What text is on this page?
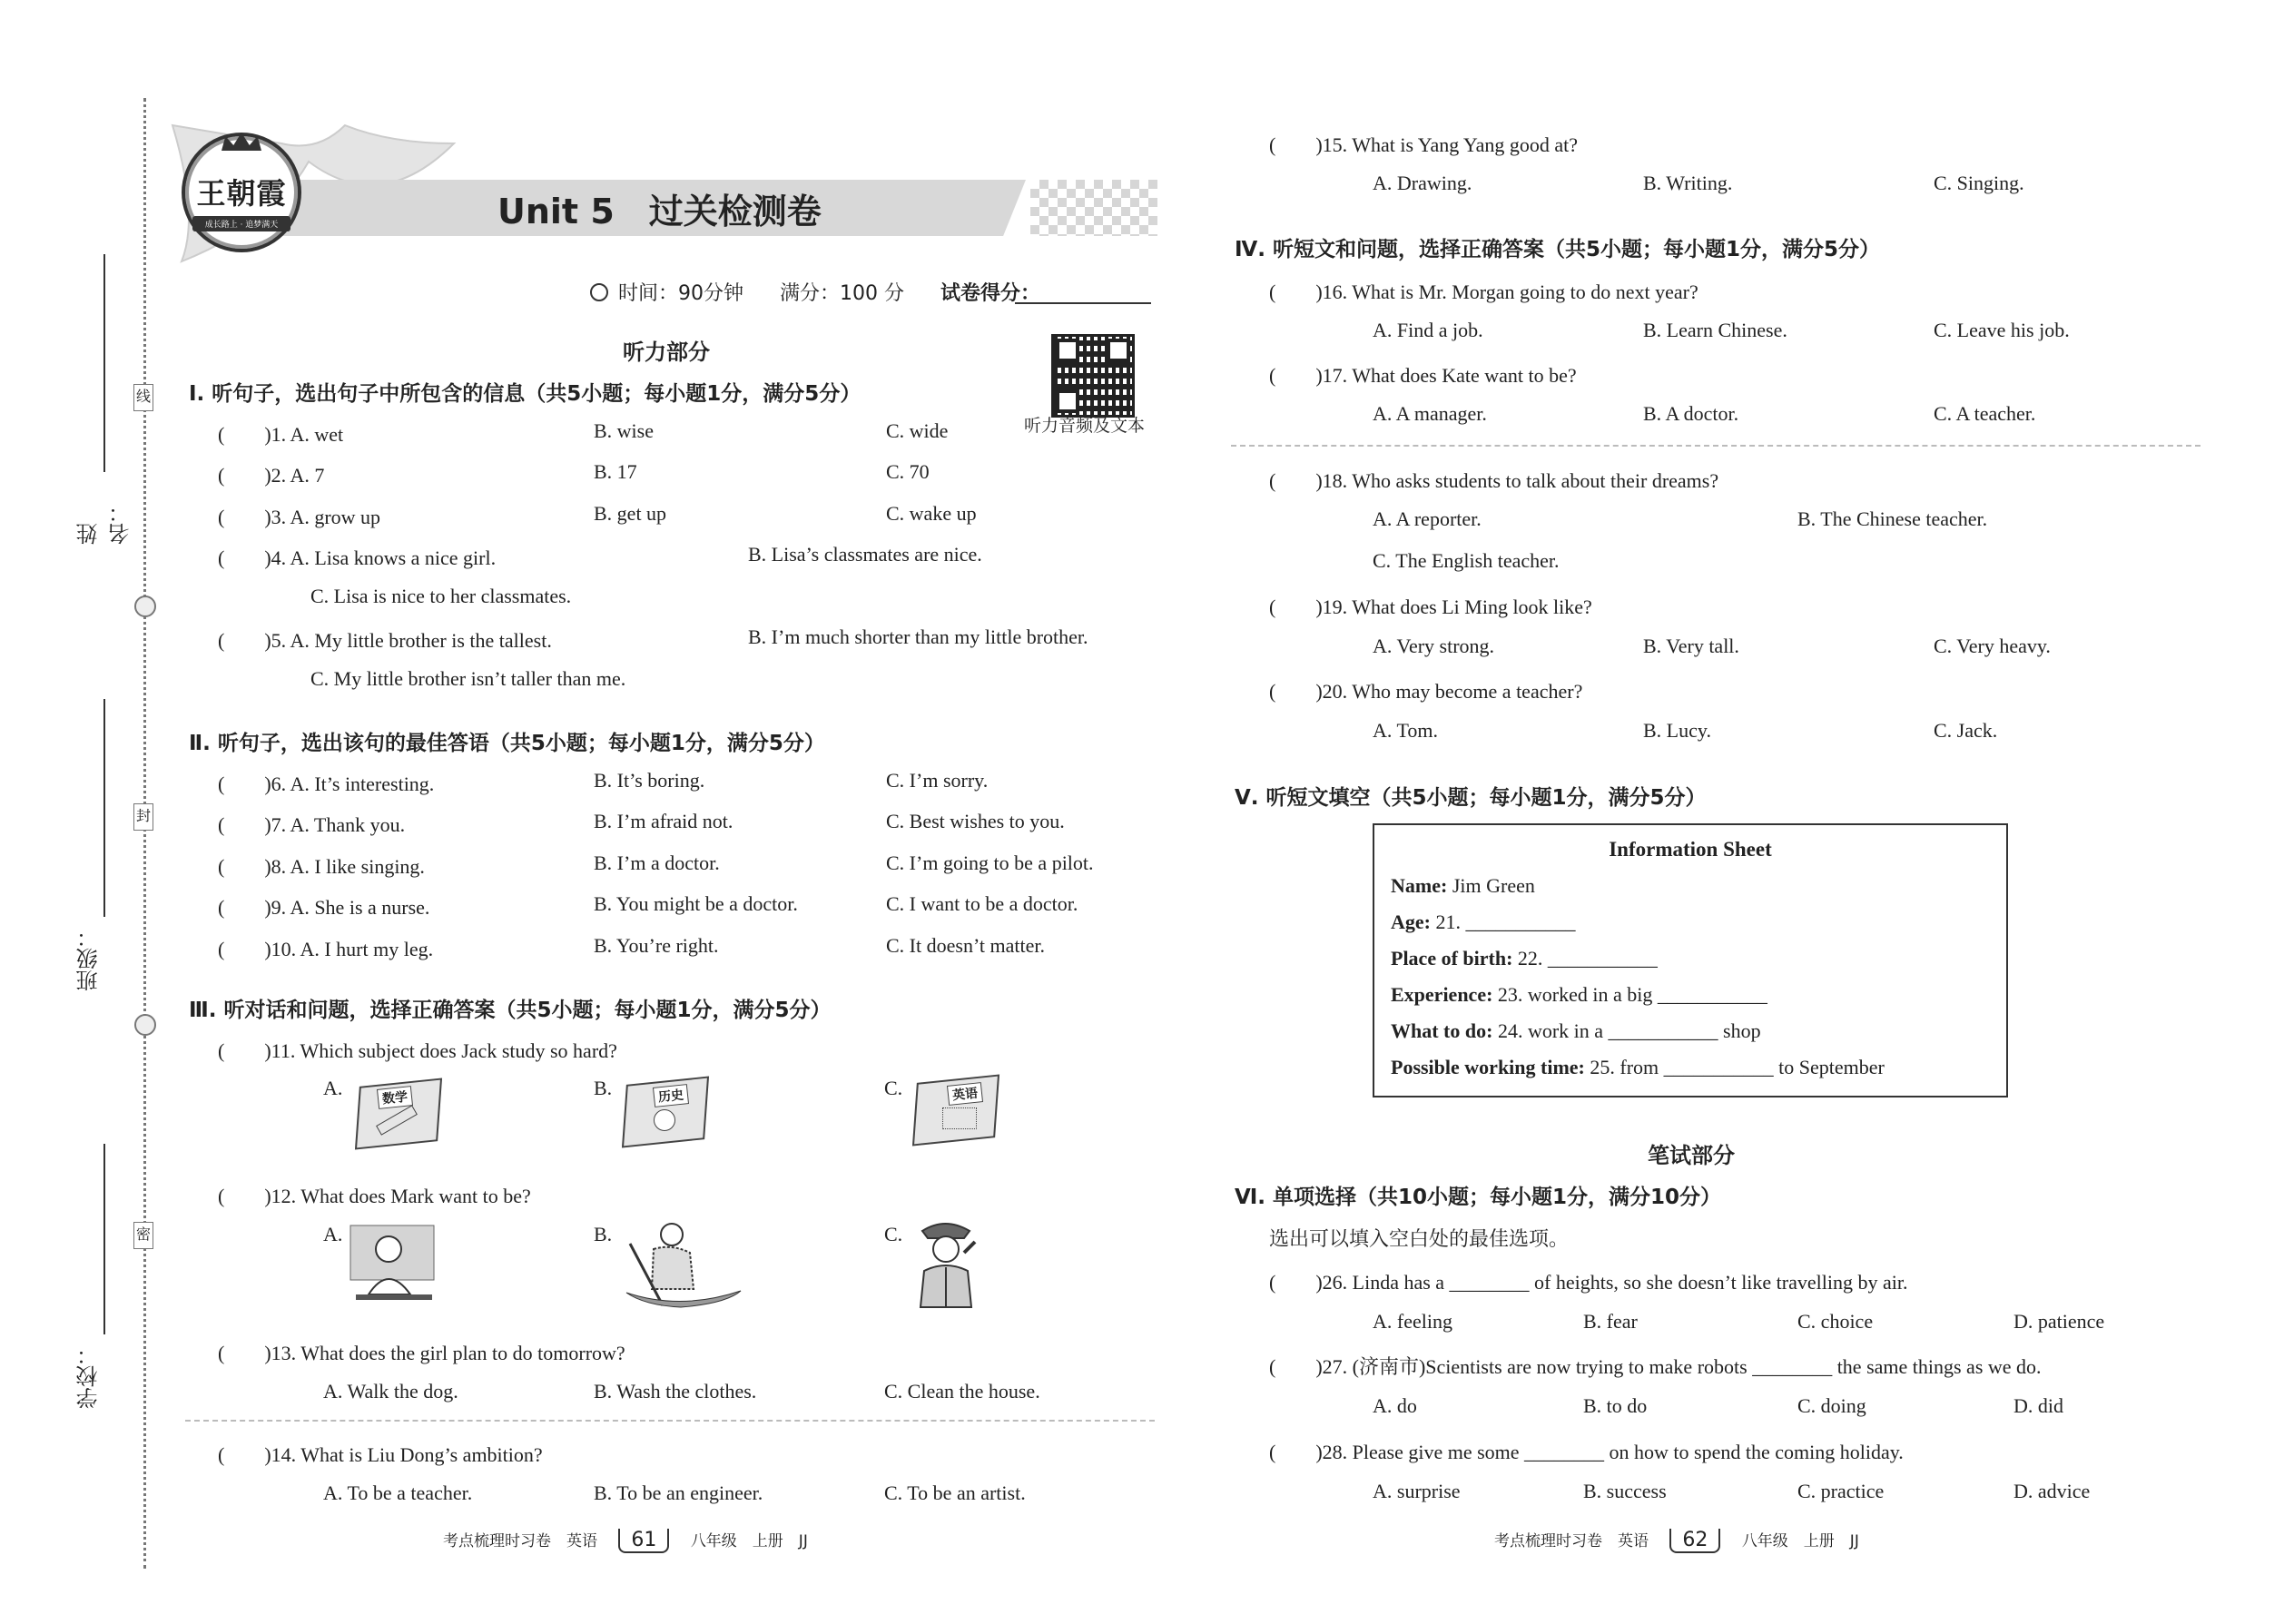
线
封
密
姓名：
班级：
学校：
王朝霞
成长路上 · 追梦满天	Unit 5　过关检测卷
时间：90分钟 满分：100 分 试卷得分：
听力部分
听力音频及文本
Ⅰ. 听句子，选出句子中所包含的信息（共5小题；每小题1分，满分5分）
(　　)1. A. wet	B. wise	C. wide
(　　)2. A. 7	B. 17	C. 70
(　　)3. A. grow up	B. get up	C. wake up
(　　)4. A. Lisa knows a nice girl.	B. Lisa’s classmates are nice.
C. Lisa is nice to her classmates.
(　　)5. A. My little brother is the tallest.	B. I’m much shorter than my little brother.
C. My little brother isn’t taller than me.
Ⅱ. 听句子，选出该句的最佳答语（共5小题；每小题1分，满分5分）
(　　)6. A. It’s interesting.	B. It’s boring.	C. I’m sorry.
(　　)7. A. Thank you.	B. I’m afraid not.	C. Best wishes to you.
(　　)8. A. I like singing.	B. I’m a doctor.	C. I’m going to be a pilot.
(　　)9. A. She is a nurse.	B. You might be a doctor.	C. I want to be a doctor.
(　　)10. A. I hurt my leg.	B. You’re right.	C. It doesn’t matter.
Ⅲ. 听对话和问题，选择正确答案（共5小题；每小题1分，满分5分）
(　　)11. Which subject does Jack study so hard?
A.	B.	C.
数学	历史	英语
(　　)12. What does Mark want to be?
A.	B.	C.
(　　)13. What does the girl plan to do tomorrow?
A. Walk the dog.	B. Wash the clothes.	C. Clean the house.
(　　)14. What is Liu Dong’s ambition?
A. To be a teacher.	B. To be an engineer.	C. To be an artist.
考点梳理时习卷　英语 61 八年级　上册　JJ
(　　)15. What is Yang Yang good at?
A. Drawing.	B. Writing.	C. Singing.
Ⅳ. 听短文和问题，选择正确答案（共5小题；每小题1分，满分5分）
(　　)16. What is Mr. Morgan going to do next year?
A. Find a job.	B. Learn Chinese.	C. Leave his job.
(　　)17. What does Kate want to be?
A. A manager.	B. A doctor.	C. A teacher.
(　　)18. Who asks students to talk about their dreams?
A. A reporter.	B. The Chinese teacher.
C. The English teacher.
(　　)19. What does Li Ming look like?
A. Very strong.	B. Very tall.	C. Very heavy.
(　　)20. Who may become a teacher?
A. Tom.	B. Lucy.	C. Jack.
Ⅴ. 听短文填空（共5小题；每小题1分，满分5分）
Information Sheet
Name: Jim Green
Age: 21. ___________
Place of birth: 22. ___________
Experience: 23. worked in a big ___________
What to do: 24. work in a ___________ shop
Possible working time: 25. from ___________ to September
笔试部分
Ⅵ. 单项选择（共10小题；每小题1分，满分10分）
选出可以填入空白处的最佳选项。
(　　)26. Linda has a ________ of heights, so she doesn’t like travelling by air.
A. feeling	B. fear	C. choice	D. patience
(　　)27. (济南市)Scientists are now trying to make robots ________ the same things as we do.
A. do	B. to do	C. doing	D. did
(　　)28. Please give me some ________ on how to spend the coming holiday.
A. surprise	B. success	C. practice	D. advice
考点梳理时习卷　英语 62 八年级　上册　JJ
